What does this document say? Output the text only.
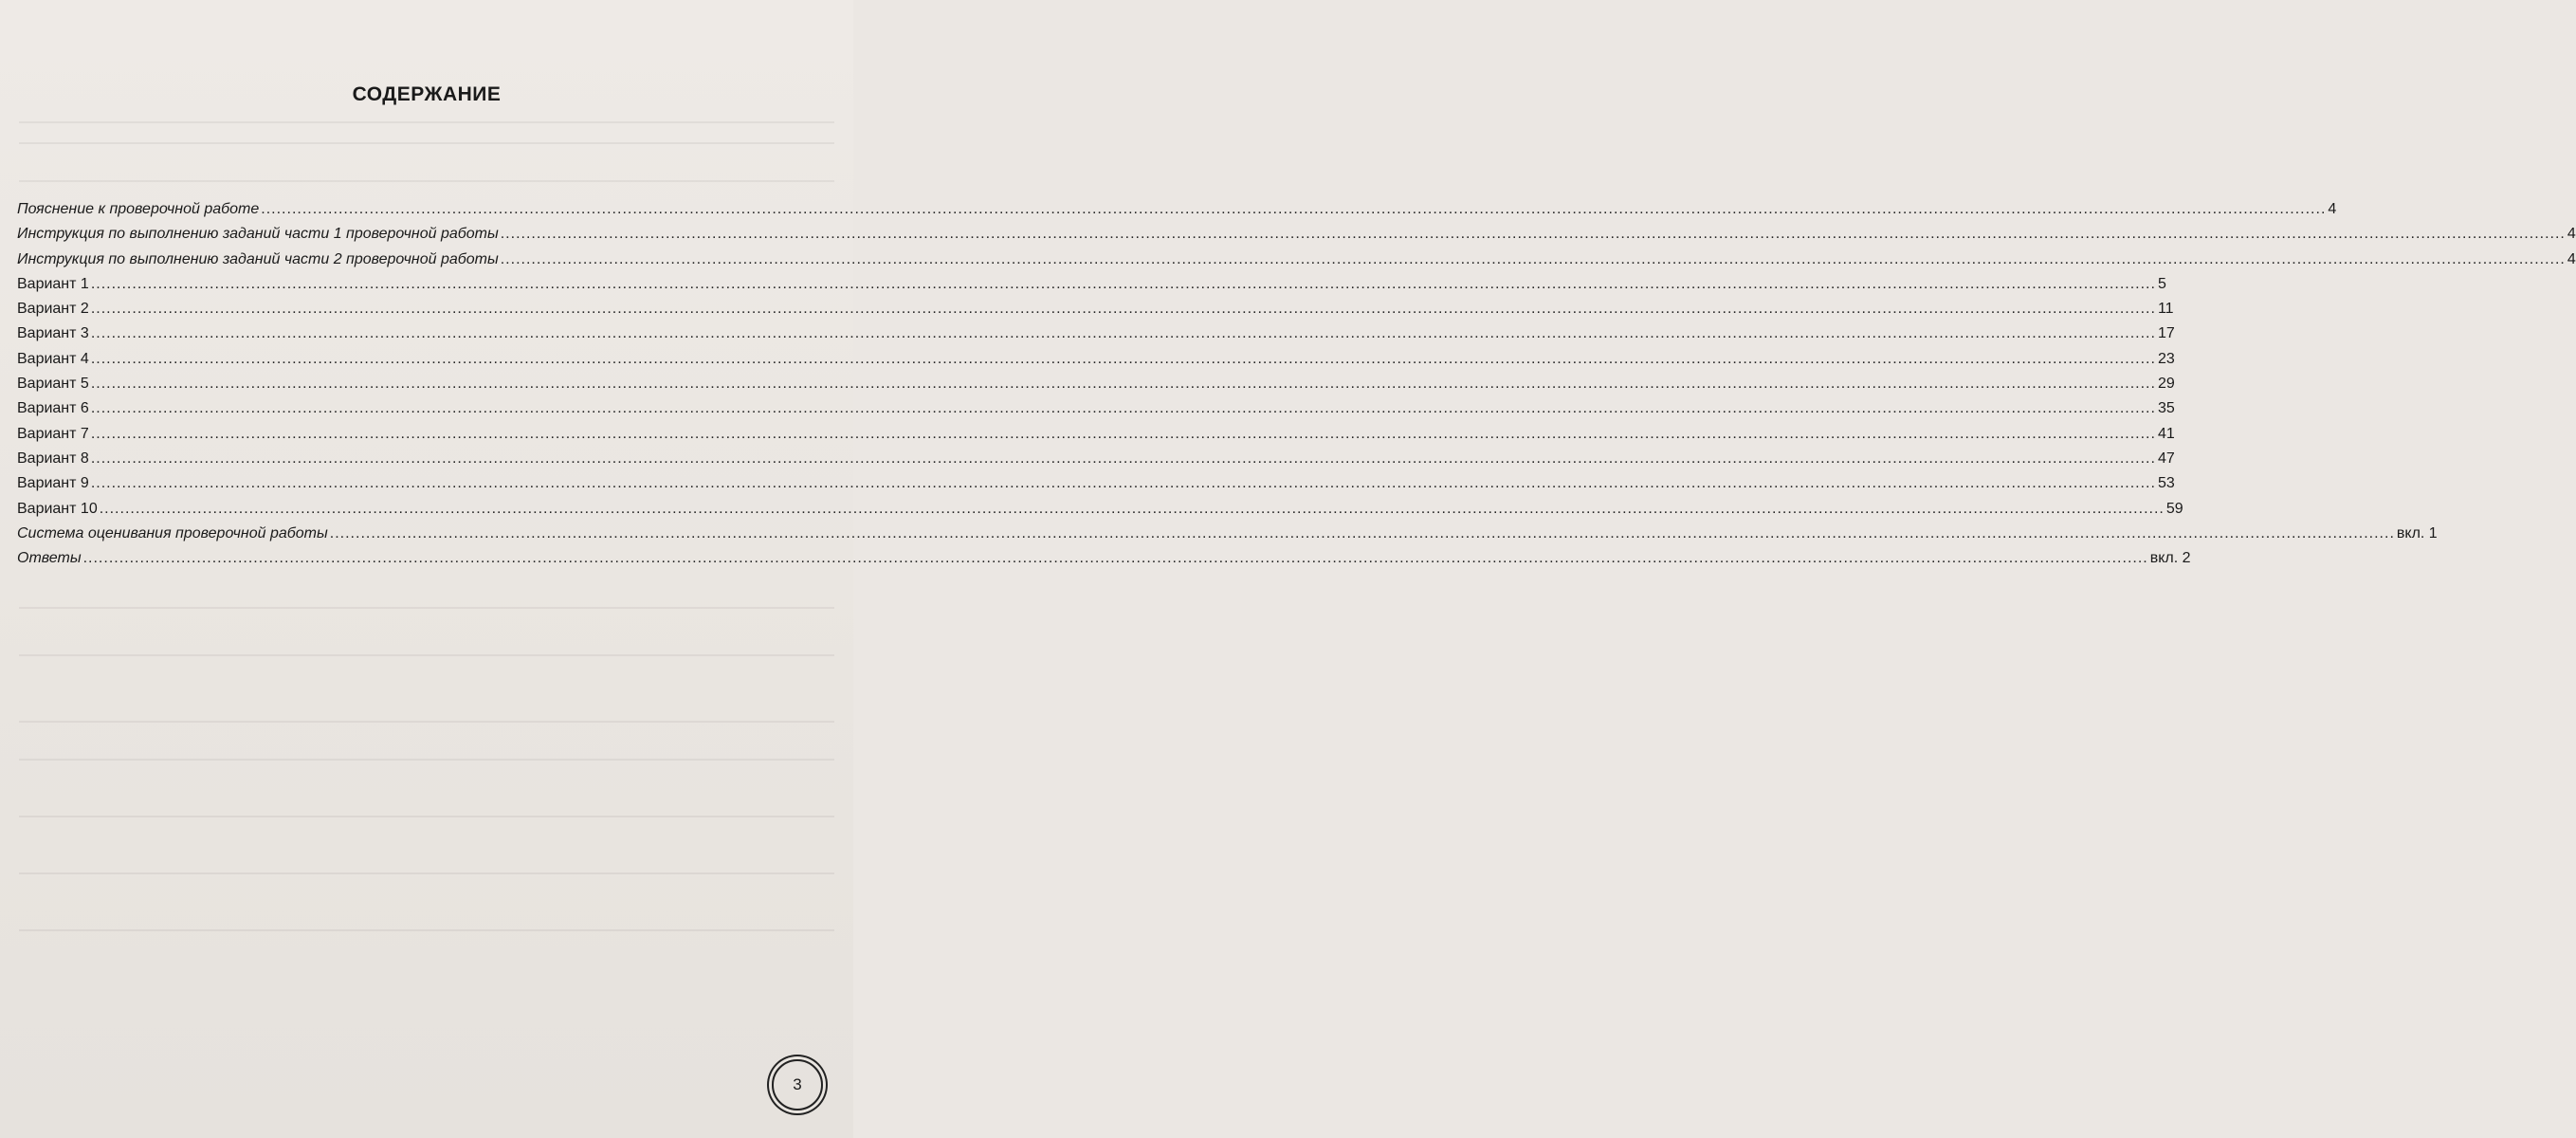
СОДЕРЖАНИЕ
Пояснение к проверочной работе ................................................................................................................................................................................................................................................................................................................................................................................................................ 4
Инструкция по выполнению заданий части 1 проверочной работы ................................................................................................................................................................................................................................................................................................................................................................................................................ 4
Инструкция по выполнению заданий части 2 проверочной работы ................................................................................................................................................................................................................................................................................................................................................................................................................ 4
Вариант 1 ................................................................................................................................................................................................................................................................................................................................................................................................................ 5
Вариант 2 ................................................................................................................................................................................................................................................................................................................................................................................................................ 11
Вариант 3 ................................................................................................................................................................................................................................................................................................................................................................................................................ 17
Вариант 4 ................................................................................................................................................................................................................................................................................................................................................................................................................ 23
Вариант 5 ................................................................................................................................................................................................................................................................................................................................................................................................................ 29
Вариант 6 ................................................................................................................................................................................................................................................................................................................................................................................................................ 35
Вариант 7 ................................................................................................................................................................................................................................................................................................................................................................................................................ 41
Вариант 8 ................................................................................................................................................................................................................................................................................................................................................................................................................ 47
Вариант 9 ................................................................................................................................................................................................................................................................................................................................................................................................................ 53
Вариант 10 ................................................................................................................................................................................................................................................................................................................................................................................................................ 59
Система оценивания проверочной работы ................................................................................................................................................................................................................................................................................................................................................................................................................ вкл. 1
Ответы ................................................................................................................................................................................................................................................................................................................................................................................................................ вкл. 2
3
